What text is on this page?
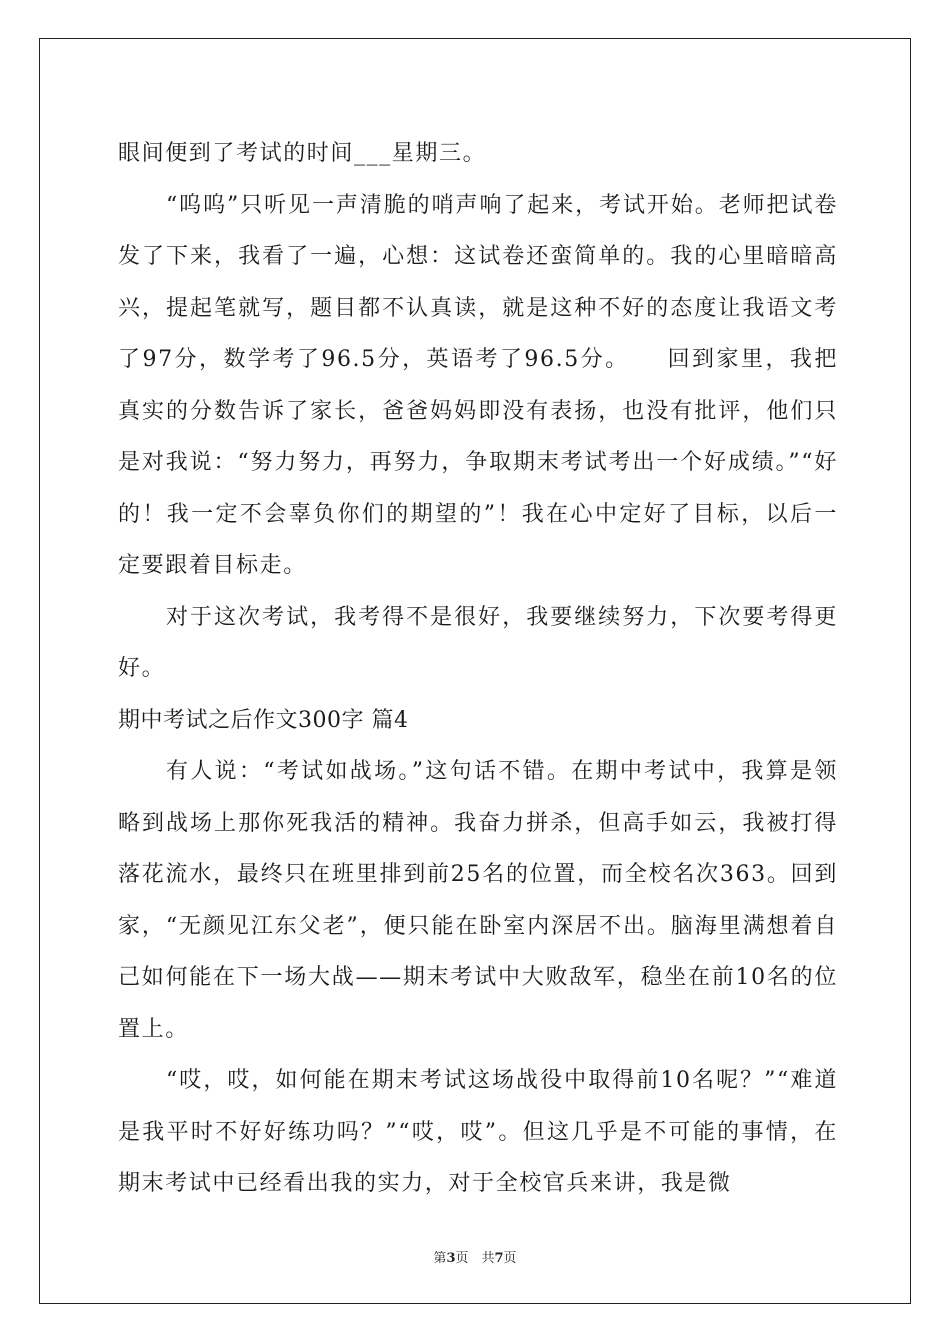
眼间便到了考试的时间___星期三。

“呜呜”只听见一声清脆的哨声响了起来，考试开始。老师把试卷发了下来，我看了一遍，心想：这试卷还蛮简单的。我的心里暗暗高兴，提起笔就写，题目都不认真读，就是这种不好的态度让我语文考了97分，数学考了96.5分，英语考了96.5分。　　回到家里，我把真实的分数告诉了家长，爸爸妈妈即没有表扬，也没有批评，他们只是对我说：“努力努力，再努力，争取期末考试考出一个好成绩。”“好的！我一定不会辜负你们的期望的”！我在心中定好了目标，以后一定要跟着目标走。

对于这次考试，我考得不是很好，我要继续努力，下次要考得更好。

期中考试之后作文300字 篇4

有人说：“考试如战场。”这句话不错。在期中考试中，我算是领略到战场上那你死我活的精神。我奋力拼杀，但高手如云，我被打得落花流水，最终只在班里排到前25名的位置，而全校名次363。回到家，“无颜见江东父老”，便只能在卧室内深居不出。脑海里满想着自己如何能在下一场大战——期末考试中大败敌军，稳坐在前10名的位置上。

“哎，哎，如何能在期末考试这场战役中取得前10名呢？”“难道是我平时不好好练功吗？”“哎，哎”。但这几乎是不可能的事情，在期末考试中已经看出我的实力，对于全校官兵来讲，我是微

第3页　共7页
